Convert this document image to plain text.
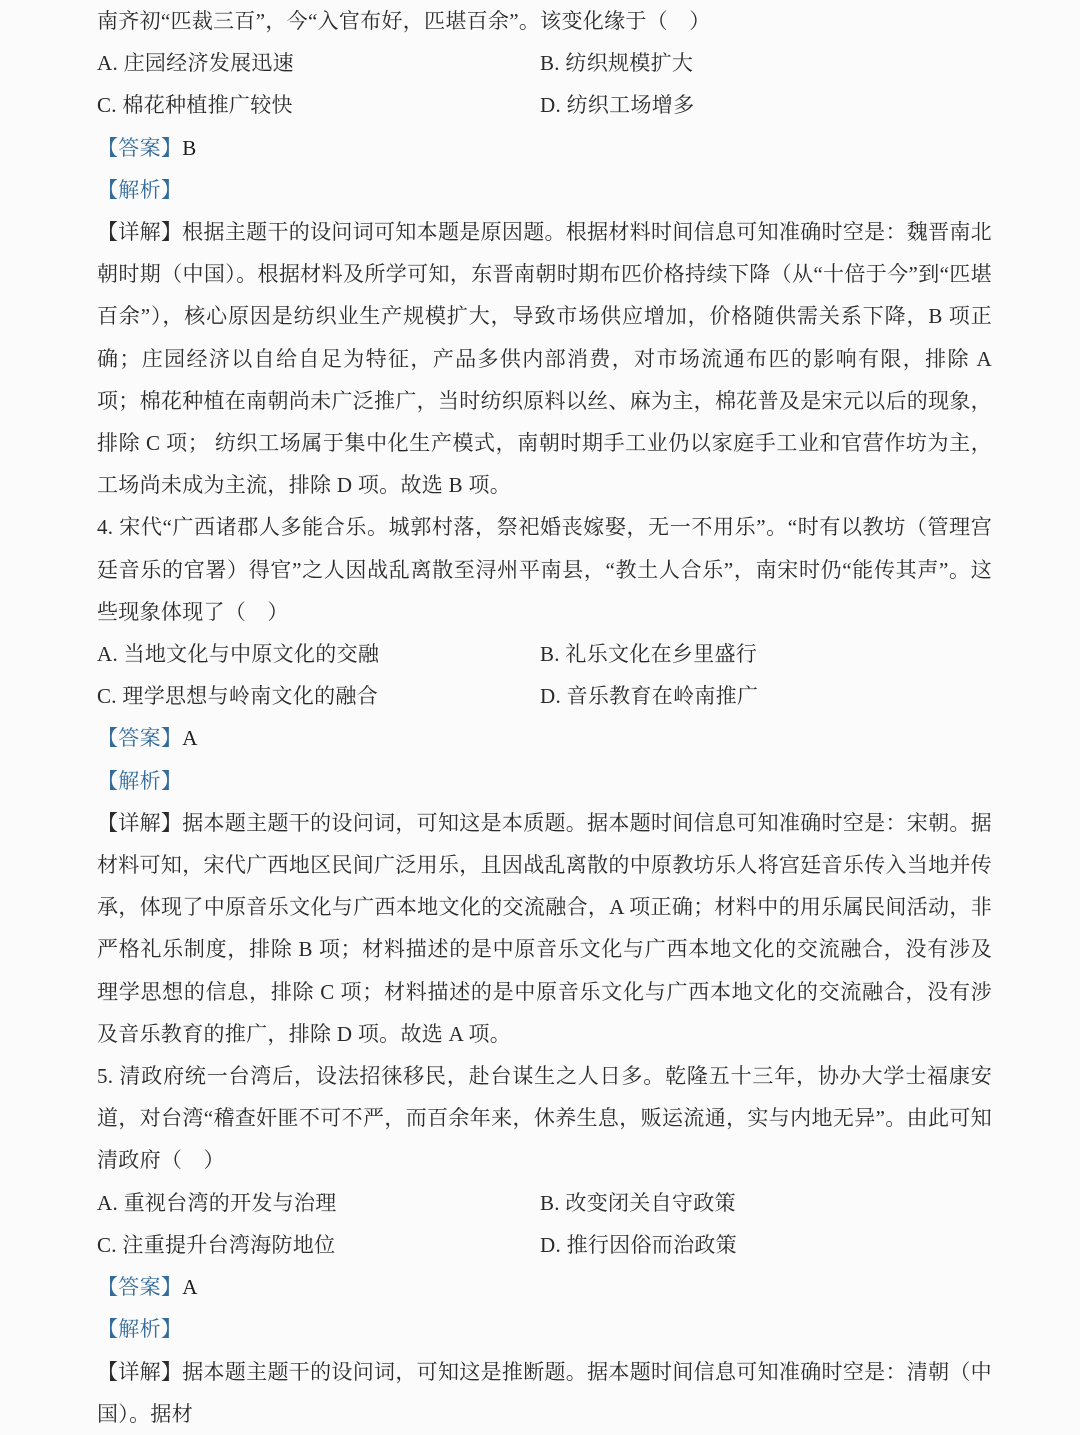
南齐初“匹裁三百”，今“入官布好，匹堪百余”。该变化缘于（　）

A. 庄园经济发展迅速	B. 纺织规模扩大

C. 棉花种植推广较快	D. 纺织工场增多

【答案】B

【解析】

【详解】根据主题干的设问词可知本题是原因题。根据材料时间信息可知准确时空是：魏晋南北朝时期（中国）。根据材料及所学可知，东晋南朝时期布匹价格持续下降（从“十倍于今”到“匹堪百余”），核心原因是纺织业生产规模扩大，导致市场供应增加，价格随供需关系下降，B 项正确；庄园经济以自给自足为特征，产品多供内部消费，对市场流通布匹的影响有限，排除 A 项；棉花种植在南朝尚未广泛推广，当时纺织原料以丝、麻为主，棉花普及是宋元以后的现象，排除 C 项； 纺织工场属于集中化生产模式，南朝时期手工业仍以家庭手工业和官营作坊为主，工场尚未成为主流，排除 D 项。故选 B 项。

4. 宋代“广西诸郡人多能合乐。城郭村落，祭祀婚丧嫁娶，无一不用乐”。“时有以教坊（管理宫廷音乐的官署）得官”之人因战乱离散至浔州平南县，“教土人合乐”，南宋时仍“能传其声”。这些现象体现了（　）

A. 当地文化与中原文化的交融	B. 礼乐文化在乡里盛行

C. 理学思想与岭南文化的融合	D. 音乐教育在岭南推广

【答案】A

【解析】

【详解】据本题主题干的设问词，可知这是本质题。据本题时间信息可知准确时空是：宋朝。据材料可知，宋代广西地区民间广泛用乐，且因战乱离散的中原教坊乐人将宫廷音乐传入当地并传承，体现了中原音乐文化与广西本地文化的交流融合，A 项正确；材料中的用乐属民间活动，非严格礼乐制度，排除 B 项；材料描述的是中原音乐文化与广西本地文化的交流融合，没有涉及理学思想的信息，排除 C 项；材料描述的是中原音乐文化与广西本地文化的交流融合，没有涉及音乐教育的推广，排除 D 项。故选 A 项。

5. 清政府统一台湾后，设法招徕移民，赴台谋生之人日多。乾隆五十三年，协办大学士福康安道，对台湾“稽查奸匪不可不严，而百余年来，休养生息，贩运流通，实与内地无异”。由此可知清政府（　）

A. 重视台湾的开发与治理	B. 改变闭关自守政策

C. 注重提升台湾海防地位	D. 推行因俗而治政策

【答案】A

【解析】

【详解】据本题主题干的设问词，可知这是推断题。据本题时间信息可知准确时空是：清朝（中国）。据材
